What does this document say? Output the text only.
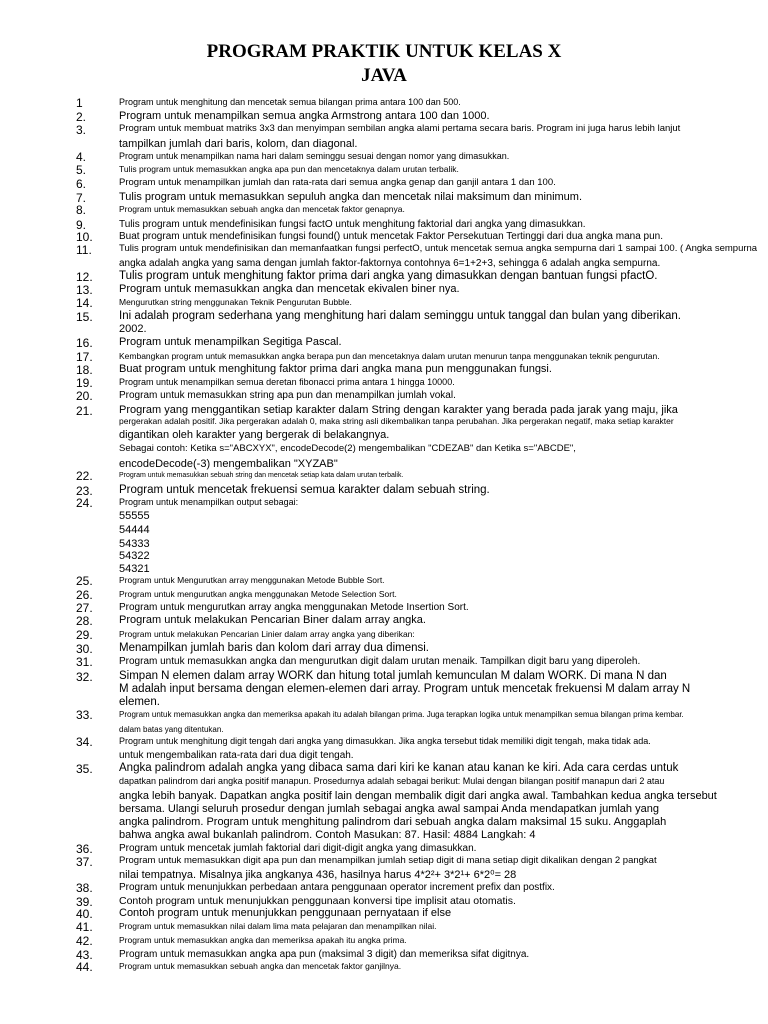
PROGRAM PRAKTIK UNTUK KELAS X
JAVA
1	Program untuk menghitung dan mencetak semua bilangan prima antara 100 dan 500.
2.	Program untuk menampilkan semua angka Armstrong antara 100 dan 1000.
3.	Program untuk membuat matriks 3x3 dan menyimpan sembilan angka alami pertama secara baris. Program ini juga harus lebih lanjut
tampilkan jumlah dari baris, kolom, dan diagonal.
4.	Program untuk menampilkan nama hari dalam seminggu sesuai dengan nomor yang dimasukkan.
5.	Tulis program untuk memasukkan angka apa pun dan mencetaknya dalam urutan terbalik.
6.	Program untuk menampilkan jumlah dan rata-rata dari semua angka genap dan ganjil antara 1 dan 100.
7.	Tulis program untuk memasukkan sepuluh angka dan mencetak nilai maksimum dan minimum.
8.	Program untuk memasukkan sebuah angka dan mencetak faktor genapnya.
9.	Tulis program untuk mendefinisikan fungsi factO untuk menghitung faktorial dari angka yang dimasukkan.
10.	Buat program untuk mendefinisikan fungsi found() untuk mencetak Faktor Persekutuan Tertinggi dari dua angka mana pun.
11.	Tulis program untuk mendefinisikan dan memanfaatkan fungsi perfectO, untuk mencetak semua angka sempurna dari 1 sampai 100. ( Angka sempurna
angka adalah angka yang sama dengan jumlah faktor-faktornya contohnya 6=1+2+3, sehingga 6 adalah angka sempurna.
12. Tulis program untuk menghitung faktor prima dari angka yang dimasukkan dengan bantuan fungsi pfactO.
13. Program untuk memasukkan angka dan mencetak ekivalen biner nya.
14.	Mengurutkan string menggunakan Teknik Pengurutan Bubble.
15. Ini adalah program sederhana yang menghitung hari dalam seminggu untuk tanggal dan bulan yang diberikan.
2002.
16. Program untuk menampilkan Segitiga Pascal.
17.	Kembangkan program untuk memasukkan angka berapa pun dan mencetaknya dalam urutan menurun tanpa menggunakan teknik pengurutan.
18. Buat program untuk menghitung faktor prima dari angka mana pun menggunakan fungsi.
19.	Program untuk menampilkan semua deretan fibonacci prima antara 1 hingga 10000.
20.	Program untuk memasukkan string apa pun dan menampilkan jumlah vokal.
21. Program yang menggantikan setiap karakter dalam String dengan karakter yang berada pada jarak yang maju, jika
pergerakan adalah positif. Jika pergerakan adalah 0, maka string asli dikembalikan tanpa perubahan. Jika pergerakan negatif, maka setiap karakter
digantikan oleh karakter yang bergerak di belakangnya.
Sebagai contoh: Ketika s="ABCXYX", encodeDecode(2) mengembalikan "CDEZAB" dan Ketika s="ABCDE",
encodeDecode(-3) mengembalikan "XYZAB"
22.	Program untuk memasukkan sebuah string dan mencetak setiap kata dalam urutan terbalik.
23. Program untuk mencetak frekuensi semua karakter dalam sebuah string.
24.	Program untuk menampilkan output sebagai:
55555
54444
54333
54322
54321
25.	Program untuk Mengurutkan array menggunakan Metode Bubble Sort.
26.	Program untuk mengurutkan angka menggunakan Metode Selection Sort.
27.	Program untuk mengurutkan array angka menggunakan Metode Insertion Sort.
28. Program untuk melakukan Pencarian Biner dalam array angka.
29.	Program untuk melakukan Pencarian Linier dalam array angka yang diberikan:
30. Menampilkan jumlah baris dan kolom dari array dua dimensi.
31.	Program untuk memasukkan angka dan mengurutkan digit dalam urutan menaik. Tampilkan digit baru yang diperoleh.
32. Simpan N elemen dalam array WORK dan hitung total jumlah kemunculan M dalam WORK. Di mana N dan
M adalah input bersama dengan elemen-elemen dari array. Program untuk mencetak frekuensi M dalam array N
elemen.
33.	Program untuk memasukkan angka dan memeriksa apakah itu adalah bilangan prima. Juga terapkan logika untuk menampilkan semua bilangan prima kembar.
dalam batas yang ditentukan.
34.	Program untuk menghitung digit tengah dari angka yang dimasukkan. Jika angka tersebut tidak memiliki digit tengah, maka tidak ada.
untuk mengembalikan rata-rata dari dua digit tengah.
35. Angka palindrom adalah angka yang dibaca sama dari kiri ke kanan atau kanan ke kiri. Ada cara cerdas untuk
dapatkan palindrom dari angka positif manapun. Prosedurnya adalah sebagai berikut: Mulai dengan bilangan positif manapun dari 2 atau
angka lebih banyak. Dapatkan angka positif lain dengan membalik digit dari angka awal. Tambahkan kedua angka tersebut
bersama. Ulangi seluruh prosedur dengan jumlah sebagai angka awal sampai Anda mendapatkan jumlah yang
angka palindrom. Program untuk menghitung palindrom dari sebuah angka dalam maksimal 15 suku. Anggaplah
bahwa angka awal bukanlah palindrom. Contoh Masukan: 87. Hasil: 4884 Langkah: 4
36.	Program untuk mencetak jumlah faktorial dari digit-digit angka yang dimasukkan.
37.	Program untuk memasukkan digit apa pun dan menampilkan jumlah setiap digit di mana setiap digit dikalikan dengan 2 pangkat
nilai tempatnya. Misalnya jika angkanya 436, hasilnya harus 4*2²+ 3*2¹+ 6*2⁰= 28
38.	Program untuk menunjukkan perbedaan antara penggunaan operator increment prefix dan postfix.
39.	Contoh program untuk menunjukkan penggunaan konversi tipe implisit atau otomatis.
40. Contoh program untuk menunjukkan penggunaan pernyataan if else
41.	Program untuk memasukkan nilai dalam lima mata pelajaran dan menampilkan nilai.
42.	Program untuk memasukkan angka dan memeriksa apakah itu angka prima.
43.	Program untuk memasukkan angka apa pun (maksimal 3 digit) dan memeriksa sifat digitnya.
44.	Program untuk memasukkan sebuah angka dan mencetak faktor ganjilnya.
